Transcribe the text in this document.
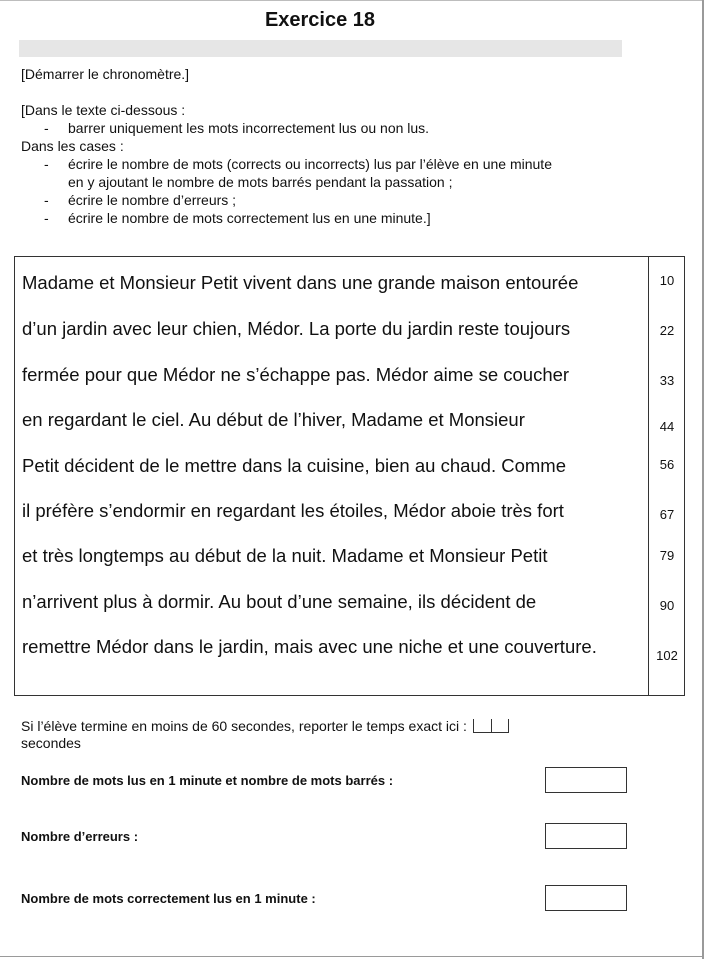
Exercice 18
[Démarrer le chronomètre.]
[Dans le texte ci-dessous :
- barrer uniquement les mots incorrectement lus ou non lus.
Dans les cases :
- écrire le nombre de mots (corrects ou incorrects) lus par l’élève en une minute
en y ajoutant le nombre de mots barrés pendant la passation ;
- écrire le nombre d’erreurs ;
- écrire le nombre de mots correctement lus en une minute.]
Madame et Monsieur Petit vivent dans une grande maison entourée
d’un jardin avec leur chien, Médor. La porte du jardin reste toujours
fermée pour que Médor ne s’échappe pas. Médor aime se coucher
en regardant le ciel. Au début de l’hiver, Madame et Monsieur
Petit décident de le mettre dans la cuisine, bien au chaud. Comme
il préfère s’endormir en regardant les étoiles, Médor aboie très fort
et très longtemps au début de la nuit. Madame et Monsieur Petit
n’arrivent plus à dormir. Au bout d’une semaine, ils décident de
remettre Médor dans le jardin, mais avec une niche et une couverture.
10
22
33
44
56
67
79
90
102
Si l’élève termine en moins de 60 secondes, reporter le temps exact ici :
secondes
Nombre de mots lus en 1 minute et nombre de mots barrés :
Nombre d’erreurs :
Nombre de mots correctement lus en 1 minute :
